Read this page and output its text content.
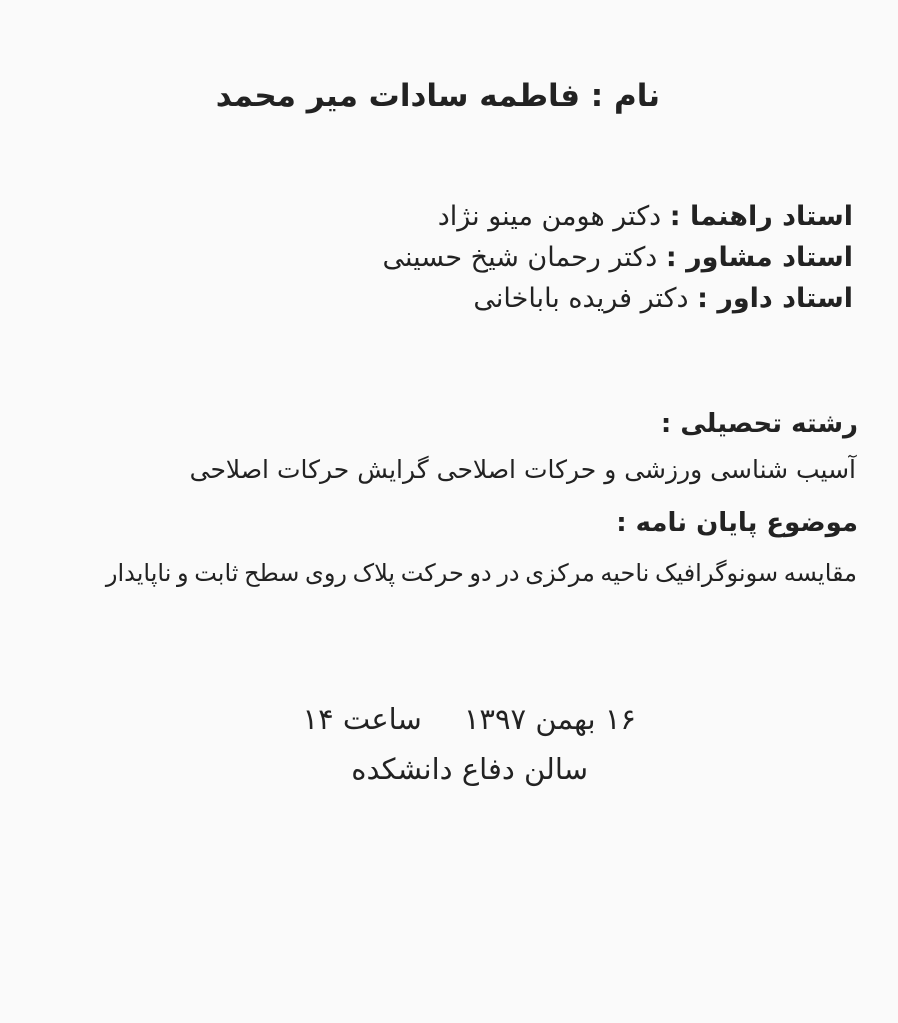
نام : فاطمه سادات میر محمد
استاد راهنما : دکتر هومن مینو نژاد
استاد مشاور : دکتر رحمان شیخ حسینی
استاد داور : دکتر فریده باباخانی
رشته تحصیلی :
آسیب شناسی ورزشی و حرکات اصلاحی گرایش حرکات اصلاحی
موضوع پایان نامه :
مقایسه سونوگرافیک ناحیه مرکزی در دو حرکت پلاک روی سطح ثابت و ناپایدار
۱۶ بهمن ۱۳۹۷ساعت ۱۴
سالن دفاع دانشکده
